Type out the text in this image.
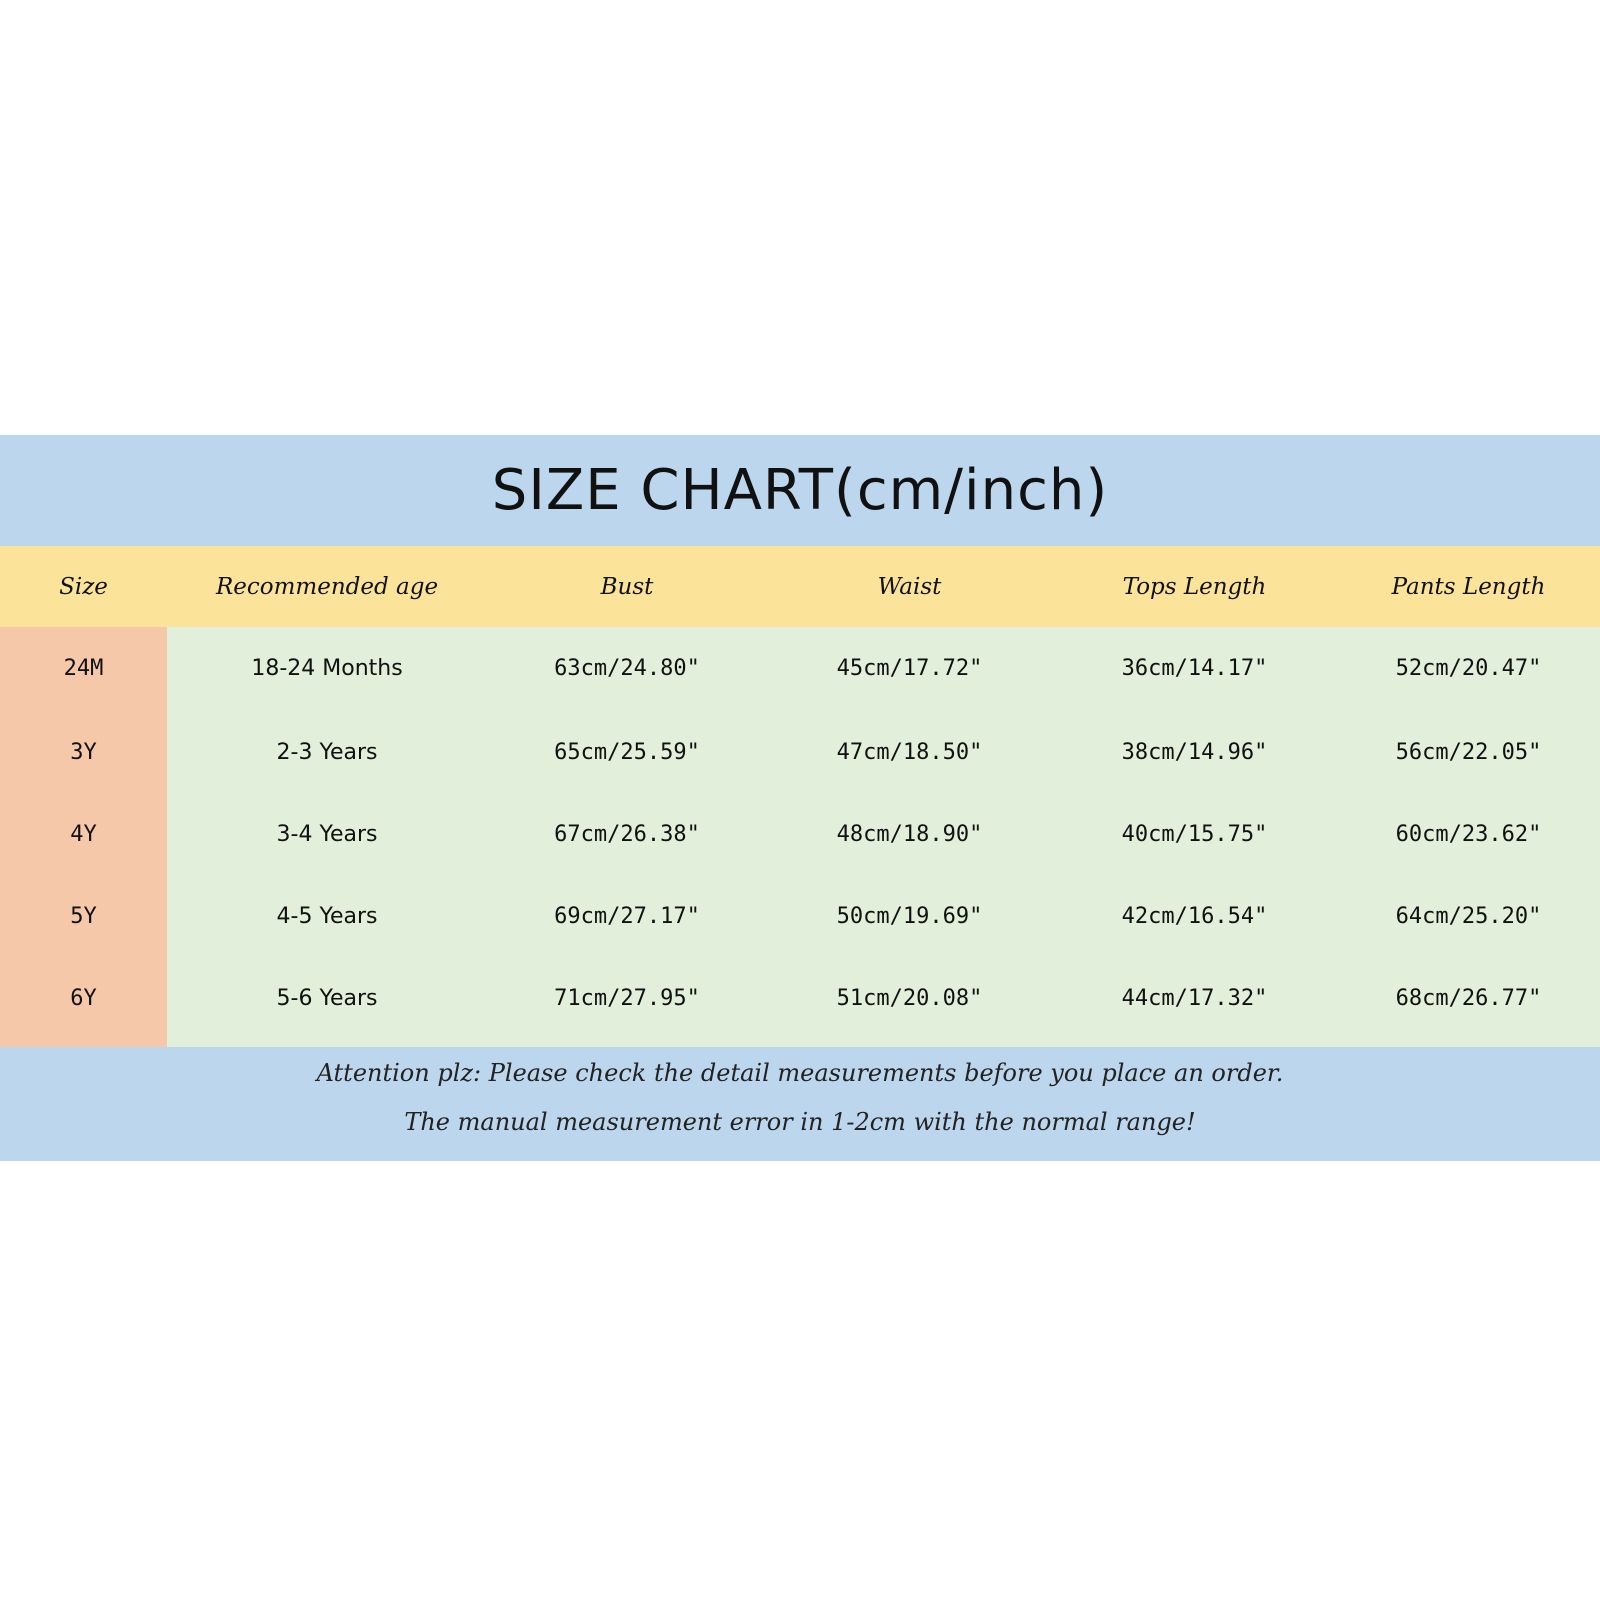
SIZE CHART(cm/inch)
Size	Recommended age	Bust	Waist	Tops Length	Pants Length
24M	18-24 Months	63cm/24.80"	45cm/17.72"	36cm/14.17"	52cm/20.47"
3Y	2-3 Years	65cm/25.59"	47cm/18.50"	38cm/14.96"	56cm/22.05"
4Y	3-4 Years	67cm/26.38"	48cm/18.90"	40cm/15.75"	60cm/23.62"
5Y	4-5 Years	69cm/27.17"	50cm/19.69"	42cm/16.54"	64cm/25.20"
6Y	5-6 Years	71cm/27.95"	51cm/20.08"	44cm/17.32"	68cm/26.77"
Attention plz: Please check the detail measurements before you place an order.
The manual measurement error in 1-2cm with the normal range!
